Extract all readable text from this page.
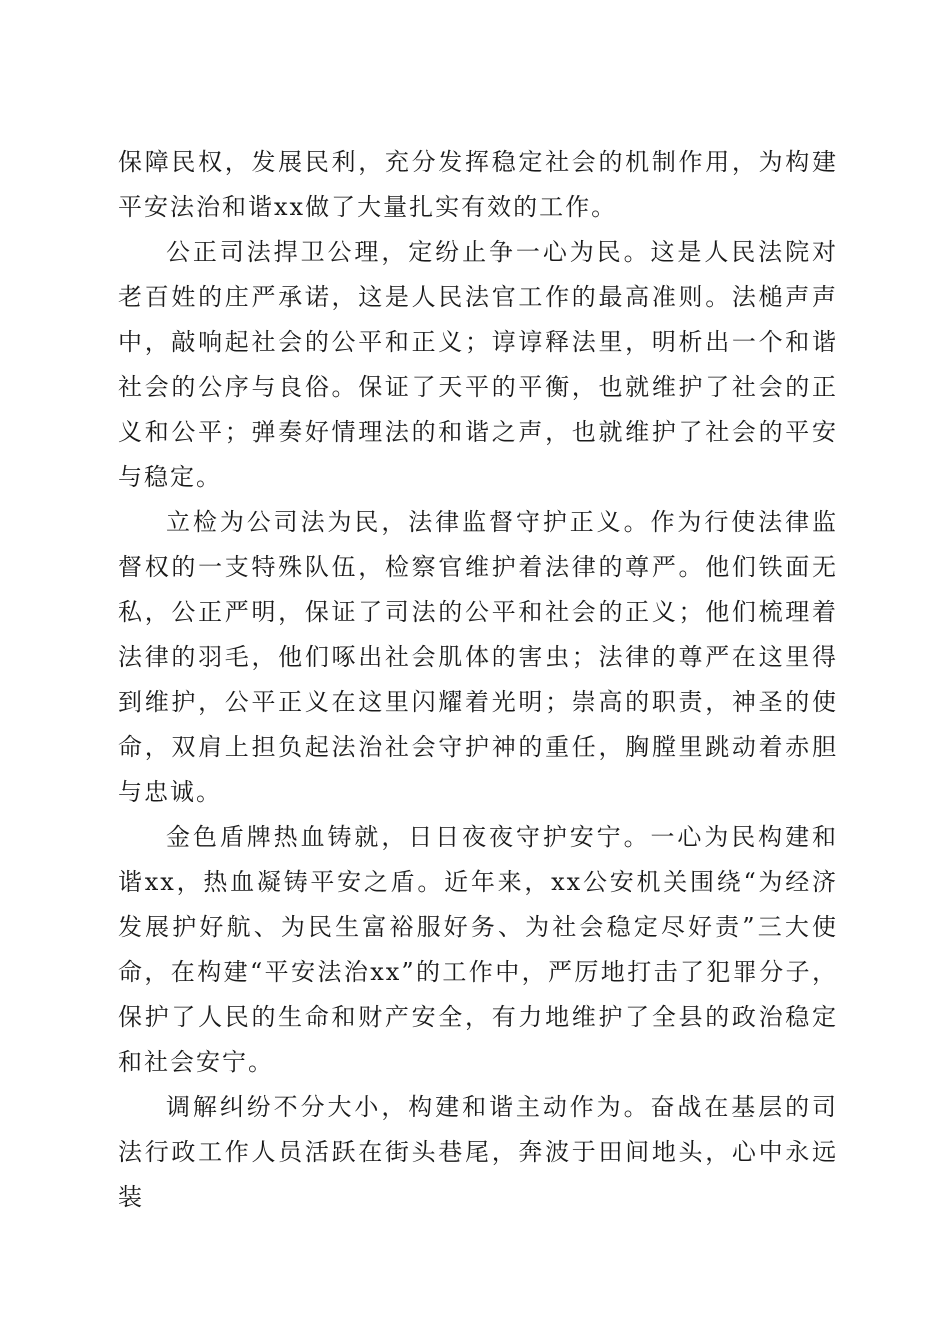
保障民权，发展民利，充分发挥稳定社会的机制作用，为构建平安法治和谐xx做了大量扎实有效的工作。

公正司法捍卫公理，定纷止争一心为民。这是人民法院对老百姓的庄严承诺，这是人民法官工作的最高准则。法槌声声中，敲响起社会的公平和正义；谆谆释法里，明析出一个和谐社会的公序与良俗。保证了天平的平衡，也就维护了社会的正义和公平；弹奏好情理法的和谐之声，也就维护了社会的平安与稳定。

立检为公司法为民，法律监督守护正义。作为行使法律监督权的一支特殊队伍，检察官维护着法律的尊严。他们铁面无私，公正严明，保证了司法的公平和社会的正义；他们梳理着法律的羽毛，他们啄出社会肌体的害虫；法律的尊严在这里得到维护，公平正义在这里闪耀着光明；崇高的职责，神圣的使命，双肩上担负起法治社会守护神的重任，胸膛里跳动着赤胆与忠诚。

金色盾牌热血铸就，日日夜夜守护安宁。一心为民构建和谐xx，热血凝铸平安之盾。近年来，xx公安机关围绕“为经济发展护好航、为民生富裕服好务、为社会稳定尽好责”三大使命，在构建“平安法治xx”的工作中，严厉地打击了犯罪分子，保护了人民的生命和财产安全，有力地维护了全县的政治稳定和社会安宁。

调解纠纷不分大小，构建和谐主动作为。奋战在基层的司法行政工作人员活跃在街头巷尾，奔波于田间地头，心中永远装
